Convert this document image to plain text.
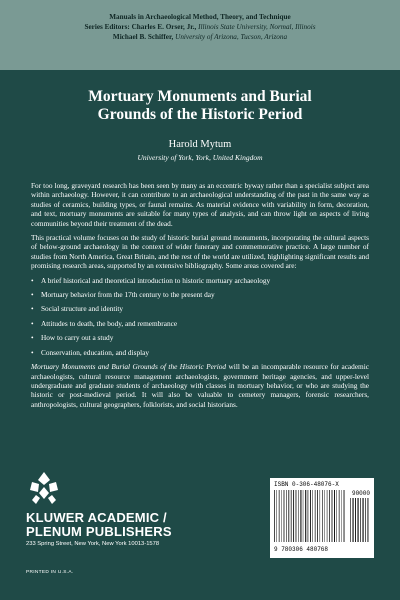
Manuals in Archaeological Method, Theory, and Technique
Series Editors: Charles E. Orser, Jr., Illinois State University, Normal, Illinois
Michael B. Schiffer, University of Arizona, Tucson, Arizona
Mortuary Monuments and Burial
Grounds of the Historic Period
Harold Mytum
University of York, York, United Kingdom

For too long, graveyard research has been seen by many as an eccentric byway rather than a specialist subject area within archaeology. However, it can contribute to an archaeological understanding of the past in the same way as studies of ceramics, building types, or faunal remains. As material evidence with variability in form, decoration, and text, mortuary monuments are suitable for many types of analysis, and can throw light on aspects of living communities beyond their treatment of the dead.

This practical volume focuses on the study of historic burial ground monuments, incorporating the cultural aspects of below-ground archaeology in the context of wider funerary and commemorative practice. A large number of studies from North America, Great Britain, and the rest of the world are utilized, highlighting significant results and promising research areas, supported by an extensive bibliography. Some areas covered are:

• A brief historical and theoretical introduction to historic mortuary archaeology
• Mortuary behavior from the 17th century to the present day
• Social structure and identity
• Attitudes to death, the body, and remembrance
• How to carry out a study
• Conservation, education, and display

Mortuary Monuments and Burial Grounds of the Historic Period will be an incomparable resource for academic archaeologists, cultural resource management archaeologists, government heritage agencies, and upper-level undergraduate and graduate students of archaeology with classes in mortuary behavior, or who are studying the historic or post-medieval period. It will also be valuable to cemetery managers, forensic researchers, anthropologists, cultural geographers, folklorists, and social historians.

KLUWER ACADEMIC /
PLENUM PUBLISHERS
233 Spring Street, New York, New York 10013-1578
PRINTED IN U.S.A.
ISBN 0-306-48076-X
90000
9 780306 480768
